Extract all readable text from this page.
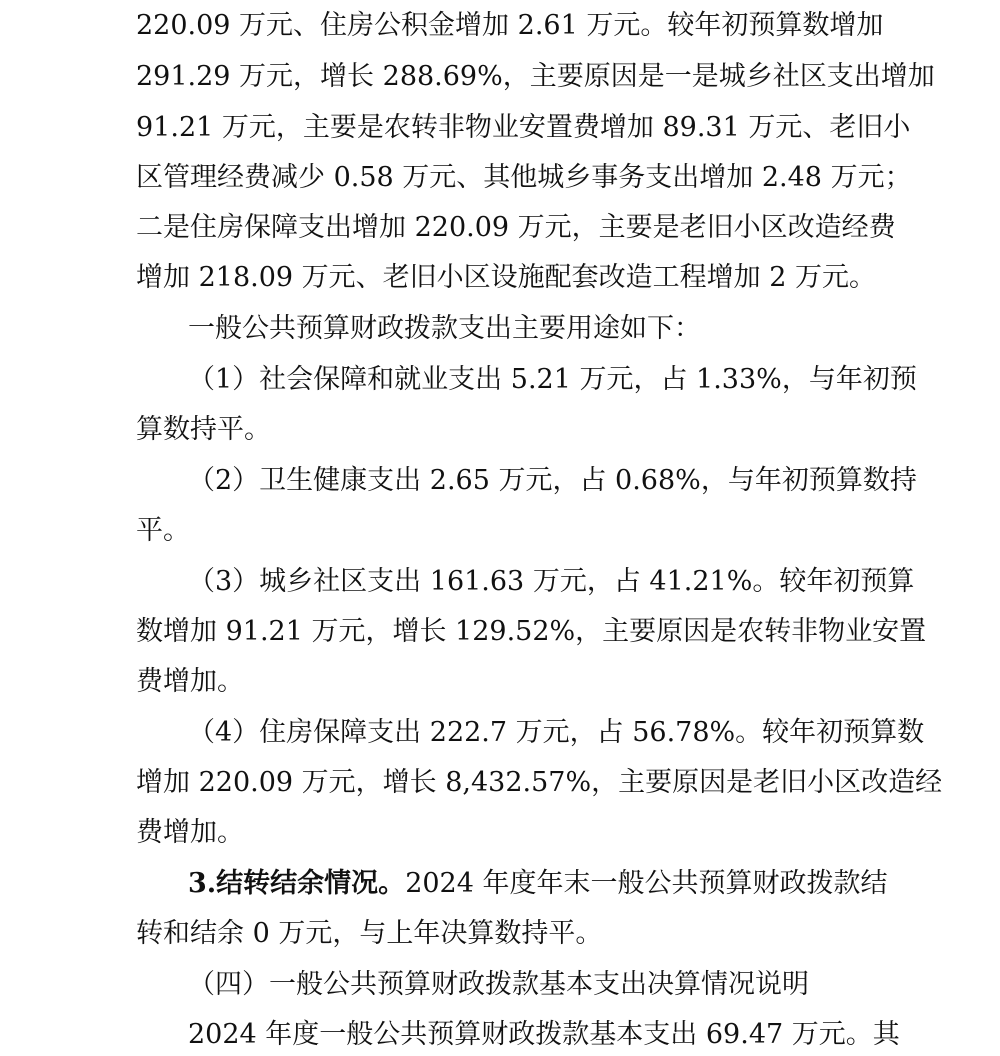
220.09 万元、住房公积金增加 2.61 万元。较年初预算数增加
291.29 万元，增长 288.69%，主要原因是一是城乡社区支出增加
91.21 万元，主要是农转非物业安置费增加 89.31 万元、老旧小
区管理经费减少 0.58 万元、其他城乡事务支出增加 2.48 万元；
二是住房保障支出增加 220.09 万元，主要是老旧小区改造经费
增加 218.09 万元、老旧小区设施配套改造工程增加 2 万元。
一般公共预算财政拨款支出主要用途如下：
（1）社会保障和就业支出 5.21 万元，占 1.33%，与年初预
算数持平。
（2）卫生健康支出 2.65 万元，占 0.68%，与年初预算数持
平。
（3）城乡社区支出 161.63 万元，占 41.21%。较年初预算
数增加 91.21 万元，增长 129.52%，主要原因是农转非物业安置
费增加。
（4）住房保障支出 222.7 万元，占 56.78%。较年初预算数
增加 220.09 万元，增长 8,432.57%，主要原因是老旧小区改造经
费增加。
3.结转结余情况。2024 年度年末一般公共预算财政拨款结
转和结余 0 万元，与上年决算数持平。
（四）一般公共预算财政拨款基本支出决算情况说明
2024 年度一般公共预算财政拨款基本支出 69.47 万元。其
